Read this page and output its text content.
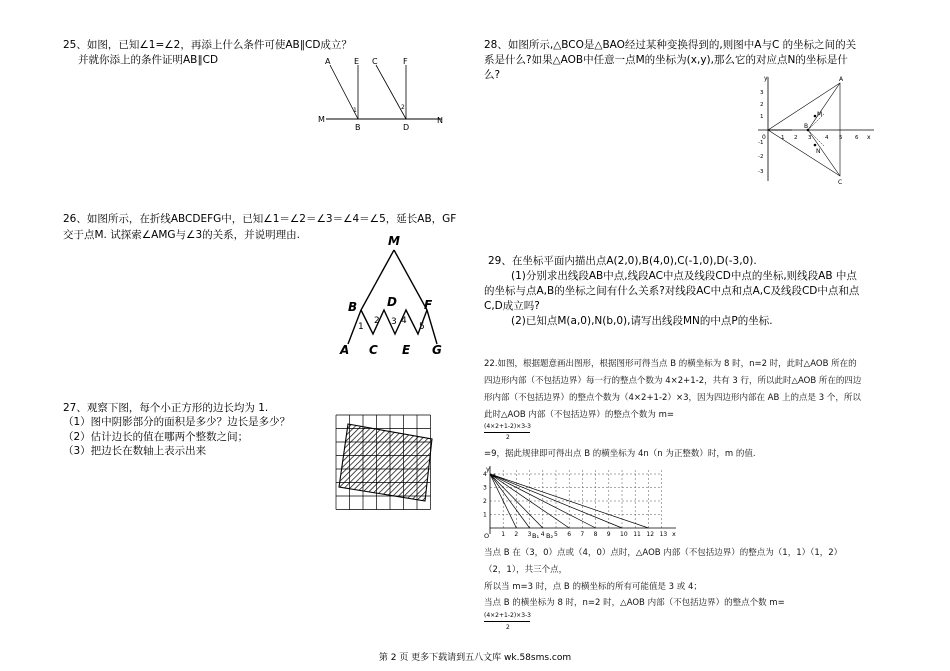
25、如图，已知∠1=∠2，再添上什么条件可使AB∥CD成立？
并就你添上的条件证明AB∥CD	A	E C	F
M
B	D
N
1	2
26、如图所示，在折线ABCDEFG中，已知∠1＝∠2＝∠3＝∠4＝∠5，延长AB，GF
交于点M. 试探索∠AMG与∠3的关系，并说明理由.	M
B D F
A C E G
1
2 3 4
5
27、观察下图，每个小正方形的边长均为 1.
（1）图中阴影部分的面积是多少？边长是多少？
（2）估计边长的值在哪两个整数之间；
（3）把边长在数轴上表示出来
28、如图所示,△BCO是△BAO经过某种变换得到的,则图中A与C 的坐标之间的关
系是什么?如果△AOB中任意一点M的坐标为(x,y),那么它的对应点N的坐标是什
么?	y
x
0
A
C
B
M
N
3
2
1
-1
-2
-3
1 2 3 4 5 6
29、在坐标平面内描出点A(2,0),B(4,0),C(-1,0),D(-3,0).
(1)分别求出线段AB中点,线段AC中点及线段CD中点的坐标,则线段AB 中点
的坐标与点A,B的坐标之间有什么关系?对线段AC中点和点A,C及线段CD中点和点
C,D成立吗?
(2)已知点M(a,0),N(b,0),请写出线段MN的中点P的坐标.
22.如图，根据题意画出图形，根据图形可得当点 B 的横坐标为 8 时，n=2 时，此时△AOB 所在的
四边形内部（不包括边界）每一行的整点个数为 4×2+1-2，共有 3 行，所以此时△AOB 所在的四边
形内部（不包括边界）的整点个数为（4×2+1-2）×3，因为四边形内部在 AB 上的点是 3 个，所以
此时△AOB 内部（不包括边界）的整点个数为 m=
(4×2+1-2)×3-3
2
=9，据此规律即可得出点 B 的横坐标为 4n（n 为正整数）时，m 的值.
y
x
O
A
B₁ B₂
1 2 3 4 5 6 7 8 9 10 11 12 13
1
2
3
4
当点 B 在（3，0）点或（4，0）点时，△AOB 内部（不包括边界）的整点为（1，1）（1，2）
（2，1），共三个点，
所以当 m=3 时，点 B 的横坐标的所有可能值是 3 或 4；
当点 B 的横坐标为 8 时，n=2 时，△AOB 内部（不包括边界）的整点个数 m=
(4×2+1-2)×3-3
2
第 2 页 更多下载请到五八文库 wk.58sms.com
